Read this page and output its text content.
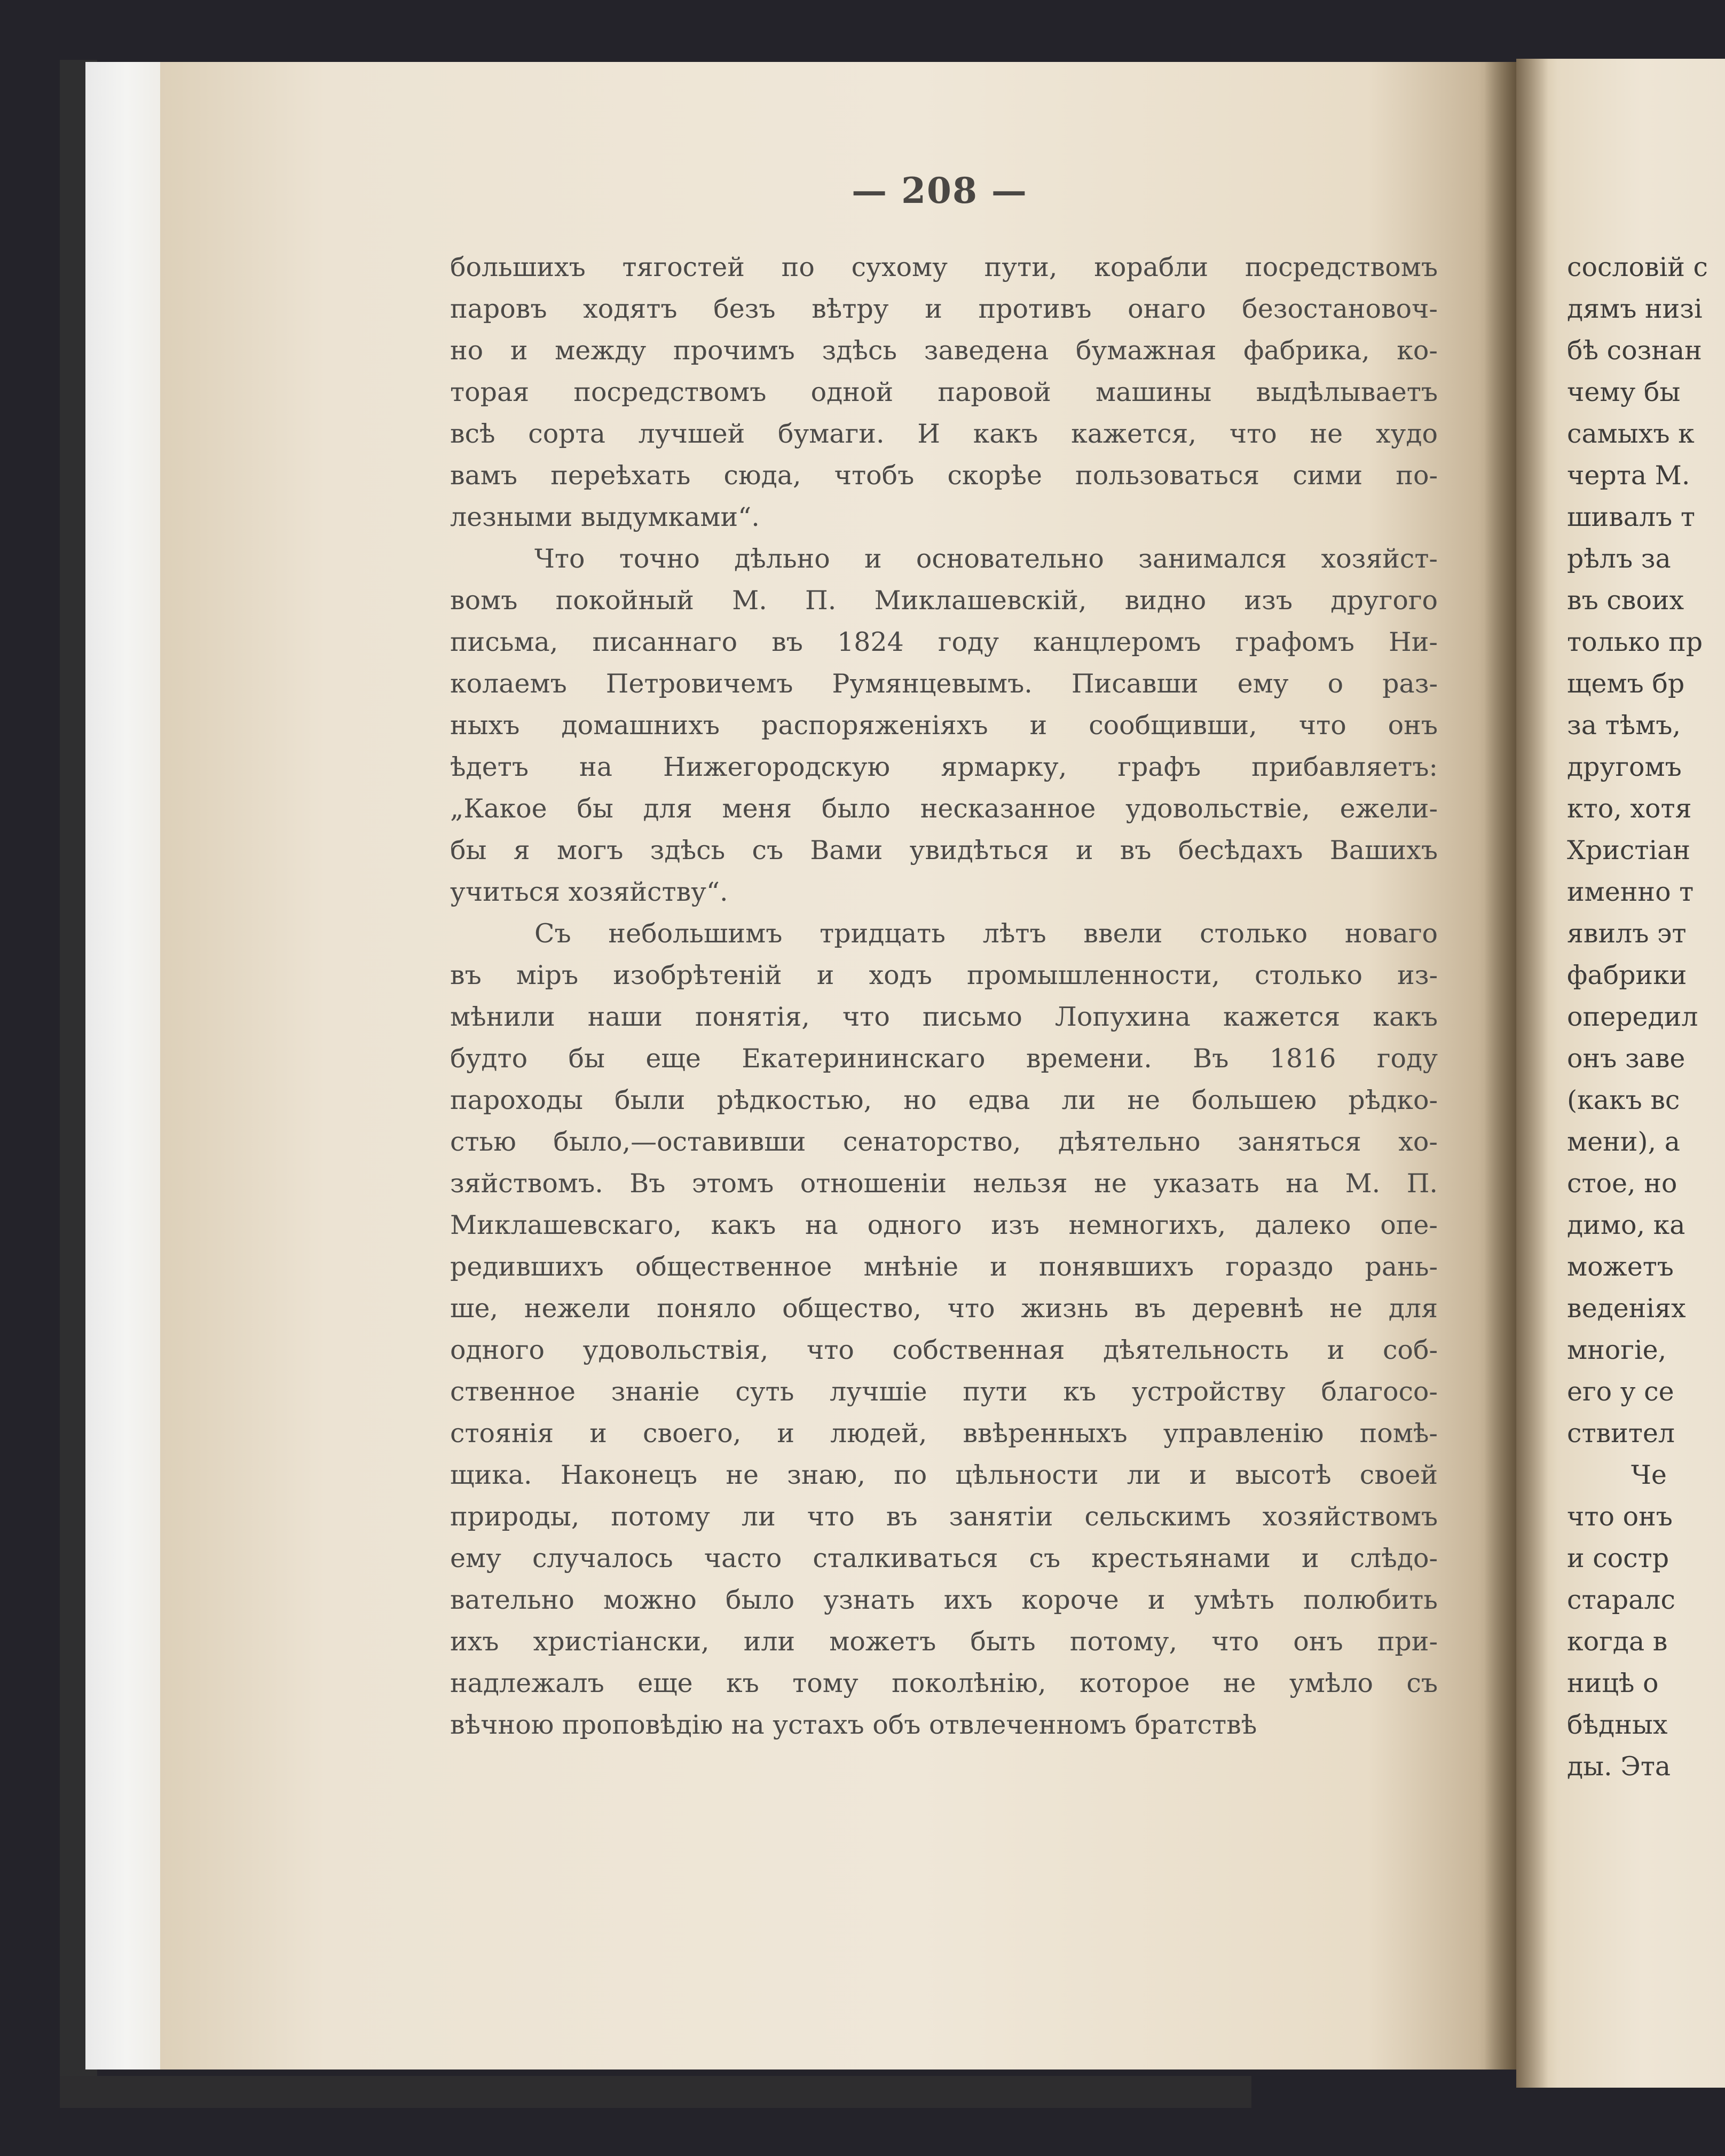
— 208 —
большихъ тягостей по сухому пути, корабли посредствомъ
паровъ ходятъ безъ вѣтру и противъ онаго безостановоч-
но и между прочимъ здѣсь заведена бумажная фабрика, ко-
торая посредствомъ одной паровой машины выдѣлываетъ
всѣ сорта лучшей бумаги. И какъ кажется, что не худо
вамъ переѣхать сюда, чтобъ скорѣе пользоваться сими по-
лезными выдумками“.
Что точно дѣльно и основательно занимался хозяйст-
вомъ покойный М. П. Миклашевскій, видно изъ другого
письма, писаннаго въ 1824 году канцлеромъ графомъ Ни-
колаемъ Петровичемъ Румянцевымъ. Писавши ему о раз-
ныхъ домашнихъ распоряженіяхъ и сообщивши, что онъ
ѣдетъ на Нижегородскую ярмарку, графъ прибавляетъ:
„Какое бы для меня было несказанное удовольствіе, ежели-
бы я могъ здѣсь съ Вами увидѣться и въ бесѣдахъ Вашихъ
учиться хозяйству“.
Съ небольшимъ тридцать лѣтъ ввели столько новаго
въ міръ изобрѣтеній и ходъ промышленности, столько из-
мѣнили наши понятія, что письмо Лопухина кажется какъ
будто бы еще Екатерининскаго времени. Въ 1816 году
пароходы были рѣдкостью, но едва ли не большею рѣдко-
стью было,—оставивши сенаторство, дѣятельно заняться хо-
зяйствомъ. Въ этомъ отношеніи нельзя не указать на М. П.
Миклашевскаго, какъ на одного изъ немногихъ, далеко опе-
редившихъ общественное мнѣніе и понявшихъ гораздо рань-
ше, нежели поняло общество, что жизнь въ деревнѣ не для
одного удовольствія, что собственная дѣятельность и соб-
ственное знаніе суть лучшіе пути къ устройству благосо-
стоянія и своего, и людей, ввѣренныхъ управленію помѣ-
щика. Наконецъ не знаю, по цѣльности ли и высотѣ своей
природы, потому ли что въ занятіи сельскимъ хозяйствомъ
ему случалось часто сталкиваться съ крестьянами и слѣдо-
вательно можно было узнать ихъ короче и умѣть полюбить
ихъ христіански, или можетъ быть потому, что онъ при-
надлежалъ еще къ тому поколѣнію, которое не умѣло съ
вѣчною проповѣдію на устахъ объ отвлеченномъ братствѣ
сословій с
дямъ низі
бѣ сознан
чему бы
самыхъ к
черта М.
шивалъ т
рѣлъ за
въ своих
только пр
щемъ бр
за тѣмъ,
другомъ
кто, хотя
Христіан
именно т
явилъ эт
фабрики
опередил
онъ заве
(какъ вс
мени), а
стое, но
димо, ка
можетъ
веденіях
многіе,
его у се
ствител
Че
что онъ
и состр
старалс
когда в
ницѣ о
бѣдных
ды. Эта
